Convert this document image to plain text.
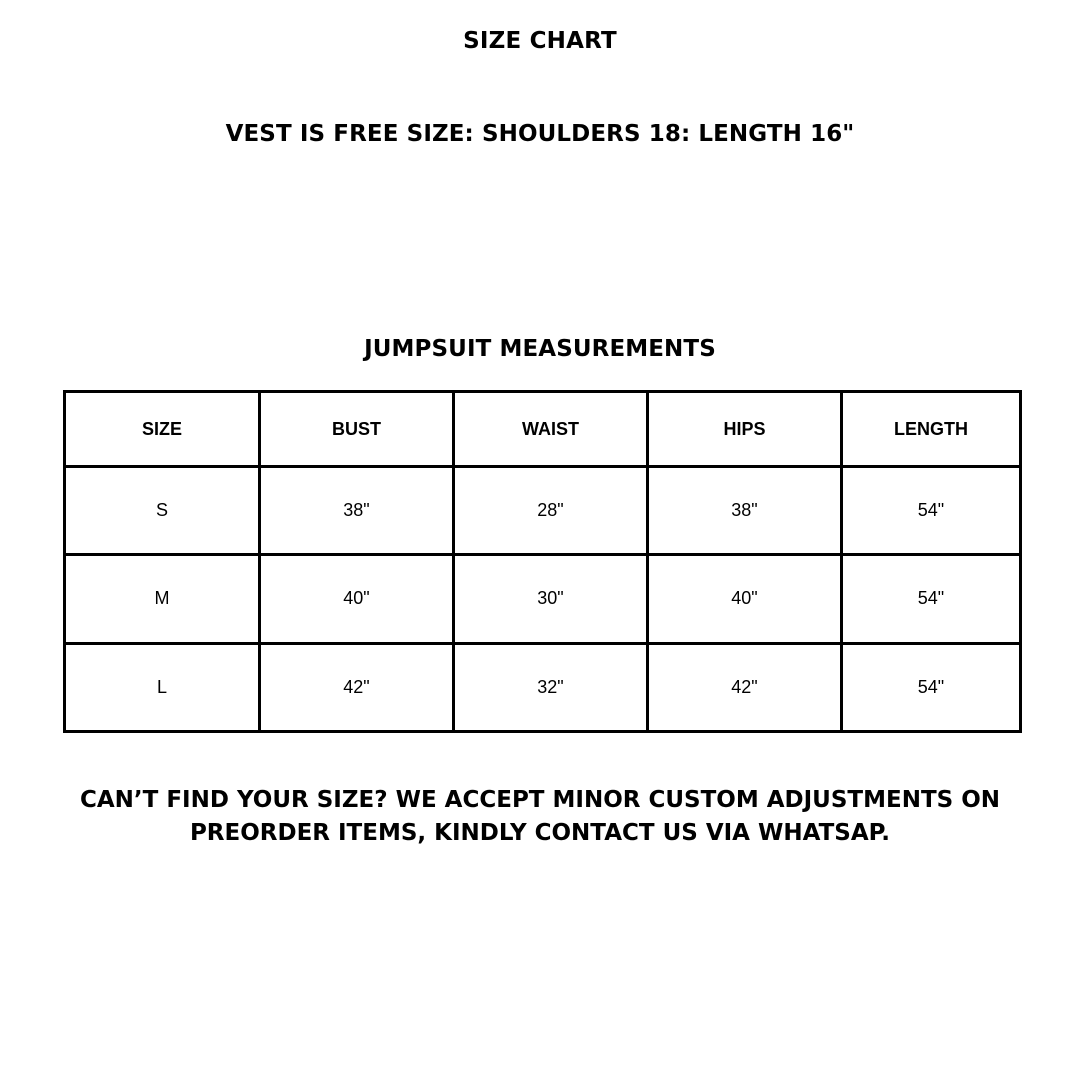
SIZE CHART
VEST IS FREE SIZE: SHOULDERS 18: LENGTH 16"
JUMPSUIT MEASUREMENTS
SIZE	BUST	WAIST	HIPS	LENGTH
S	38"	28"	38"	54"
M	40"	30"	40"	54"
L	42"	32"	42"	54"

CAN’T FIND YOUR SIZE? WE ACCEPT MINOR CUSTOM ADJUSTMENTS ON
PREORDER ITEMS, KINDLY CONTACT US VIA WHATSAP.
